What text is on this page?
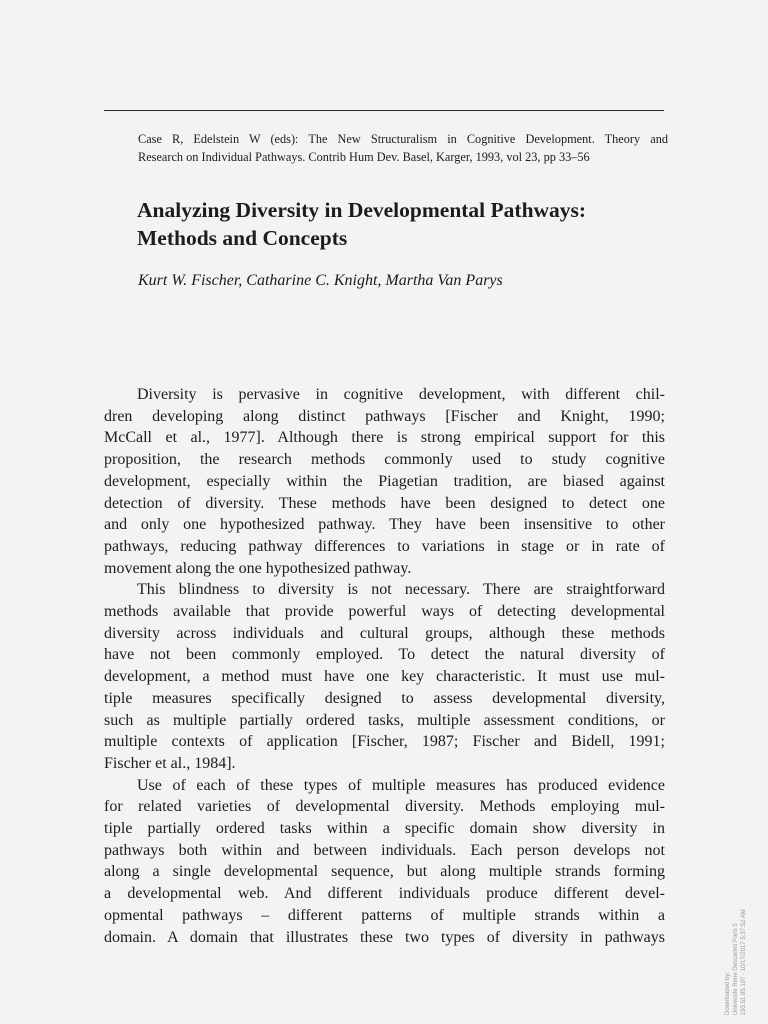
Case R, Edelstein W (eds): The New Structuralism in Cognitive Development. Theory and
Research on Individual Pathways. Contrib Hum Dev. Basel, Karger, 1993, vol 23, pp 33–56
Analyzing Diversity in Developmental Pathways:
Methods and Concepts
Kurt W. Fischer, Catharine C. Knight, Martha Van Parys
Diversity is pervasive in cognitive development, with different chil-
dren developing along distinct pathways [Fischer and Knight, 1990;
McCall et al., 1977]. Although there is strong empirical support for this
proposition, the research methods commonly used to study cognitive
development, especially within the Piagetian tradition, are biased against
detection of diversity. These methods have been designed to detect one
and only one hypothesized pathway. They have been insensitive to other
pathways, reducing pathway differences to variations in stage or in rate of
movement along the one hypothesized pathway.
This blindness to diversity is not necessary. There are straightforward
methods available that provide powerful ways of detecting developmental
diversity across individuals and cultural groups, although these methods
have not been commonly employed. To detect the natural diversity of
development, a method must have one key characteristic. It must use mul-
tiple measures specifically designed to assess developmental diversity,
such as multiple partially ordered tasks, multiple assessment conditions, or
multiple contexts of application [Fischer, 1987; Fischer and Bidell, 1991;
Fischer et al., 1984].
Use of each of these types of multiple measures has produced evidence
for related varieties of developmental diversity. Methods employing mul-
tiple partially ordered tasks within a specific domain show diversity in
pathways both within and between individuals. Each person develops not
along a single developmental sequence, but along multiple strands forming
a developmental web. And different individuals produce different devel-
opmental pathways – different patterns of multiple strands within a
domain. A domain that illustrates these two types of diversity in pathways
Downloaded by: Universite Rene Descartes Paris 5 193.51.85.197 - 10/17/2017 5:37:52 AM
